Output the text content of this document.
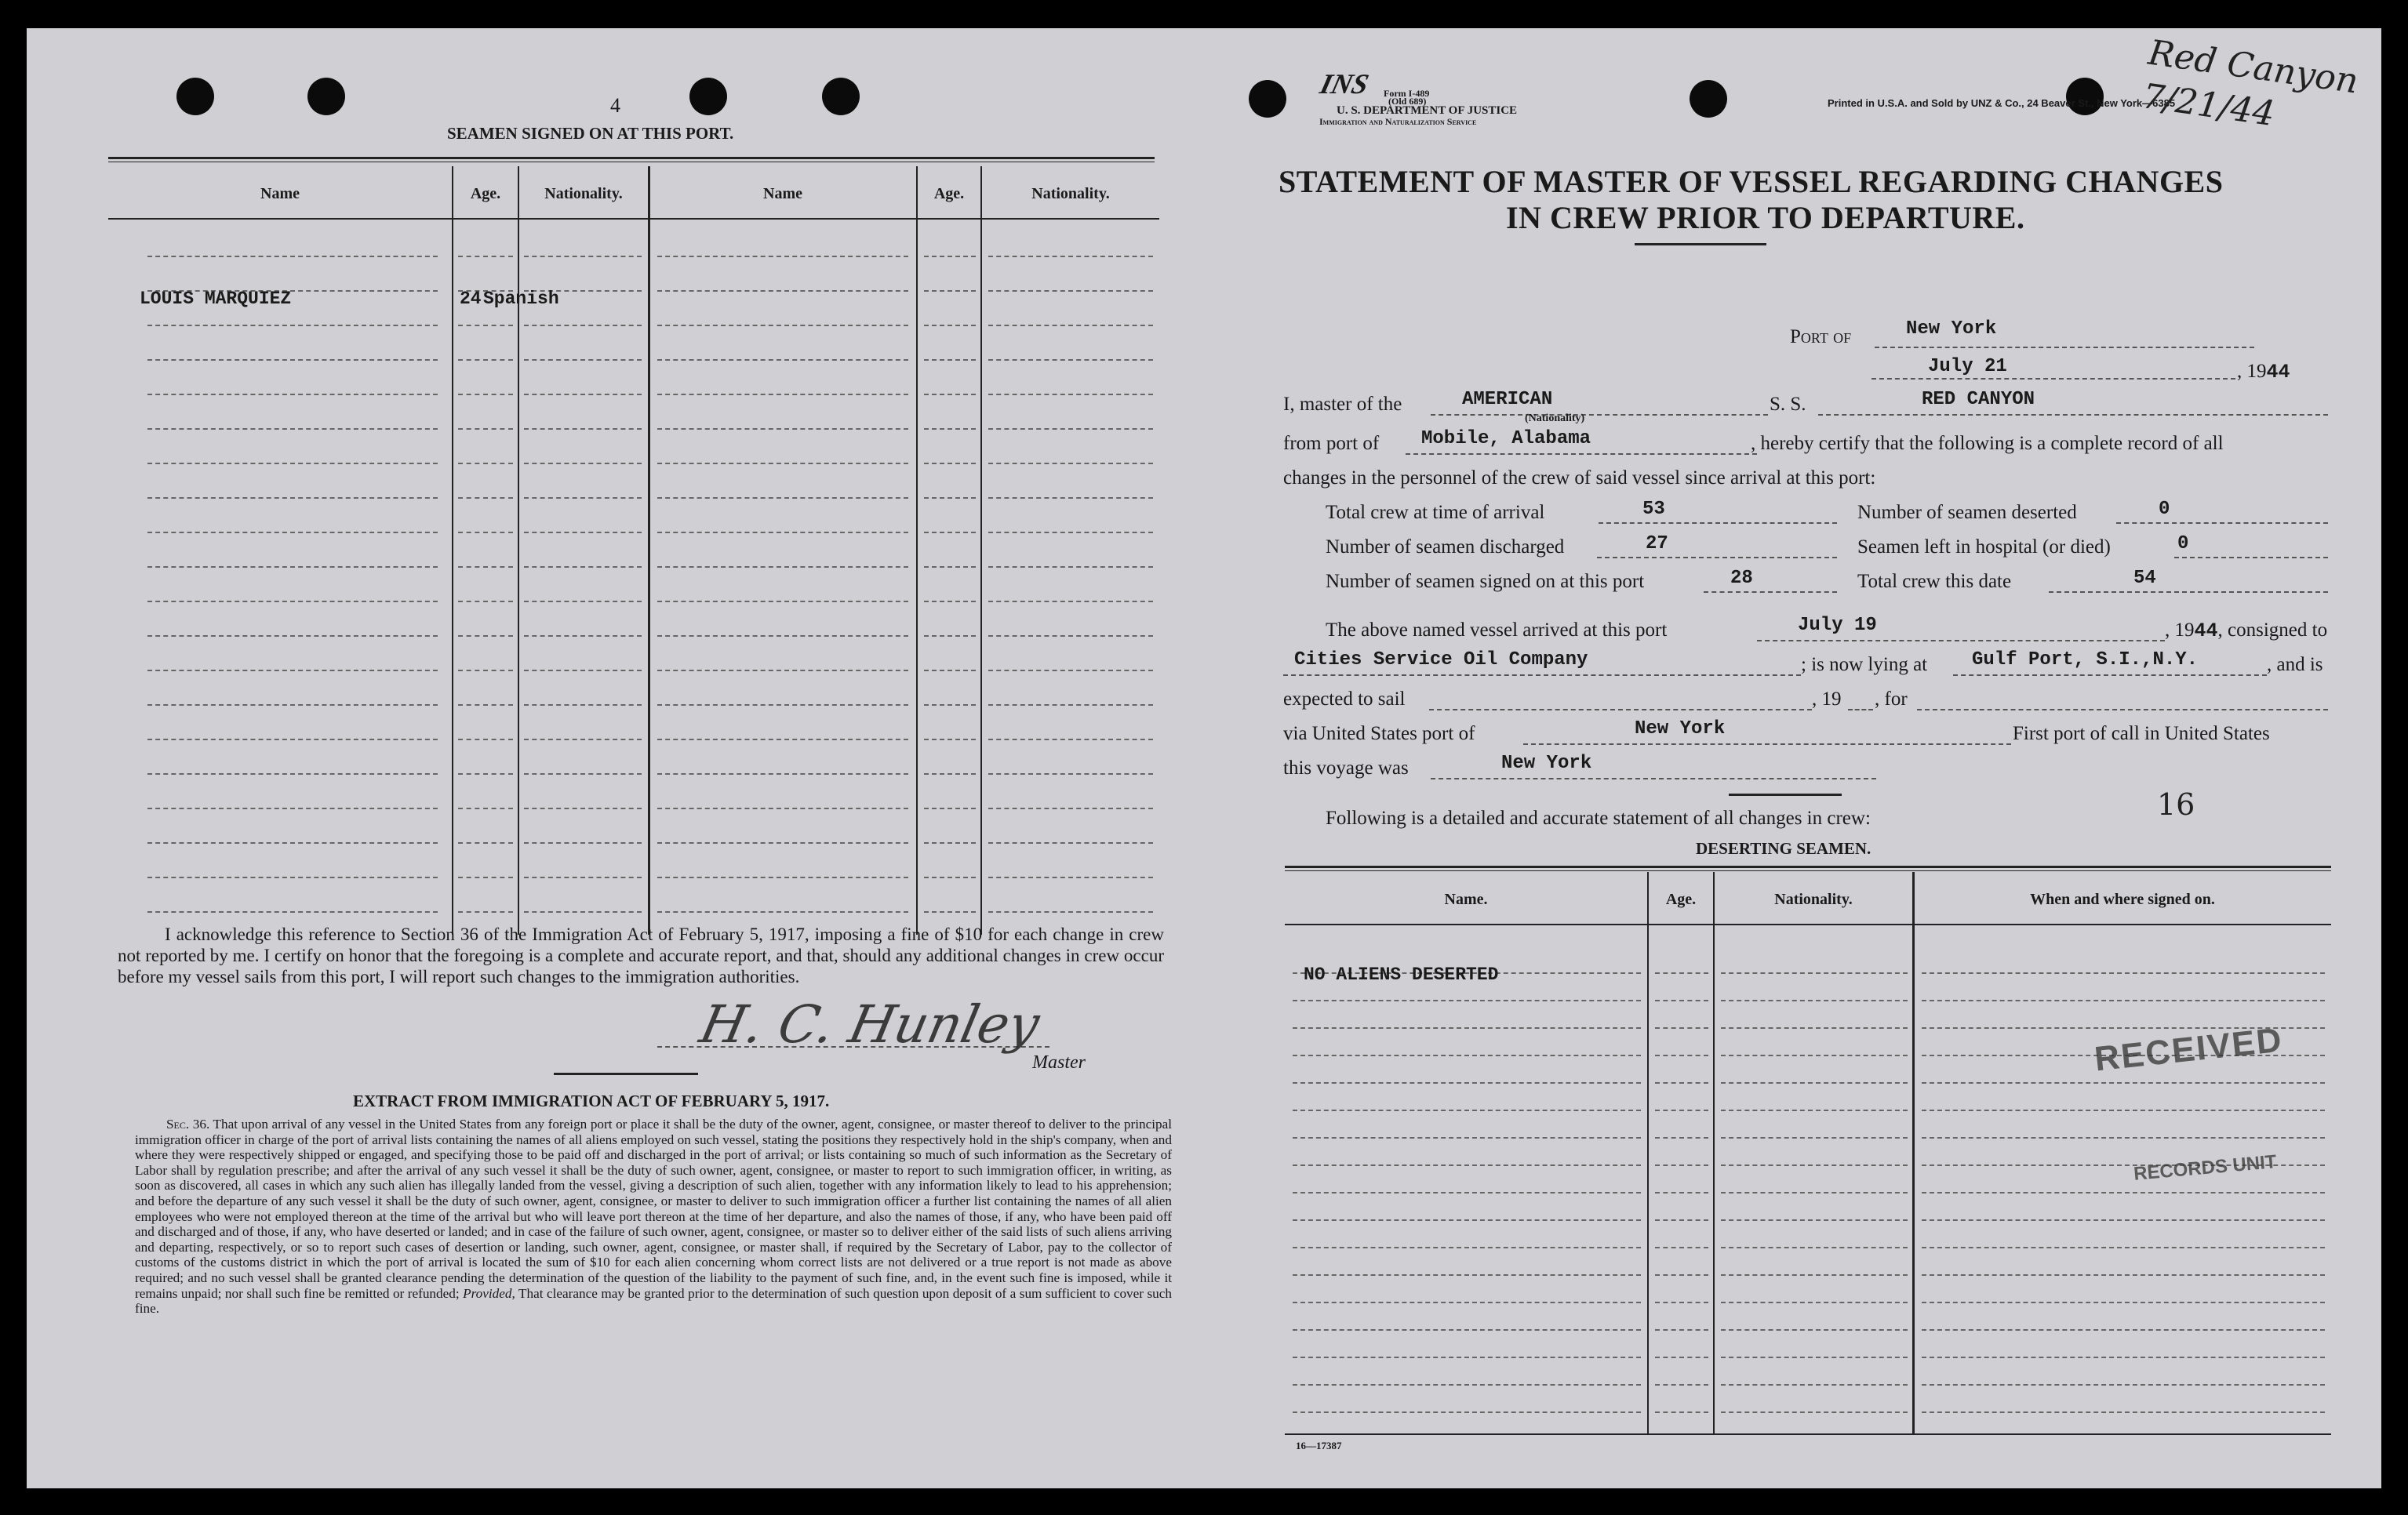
4
SEAMEN SIGNED ON AT THIS PORT.
Name	Age.	Nationality.	Name	Age.	Nationality.
LOUIS MARQUIEZ	24 Spanish
I acknowledge this reference to Section 36 of the Immigration Act of February 5, 1917, imposing a fine of $10 for each change in crew not reported by me. I certify on honor that the foregoing is a complete and accurate report, and that, should any additional changes in crew occur before my vessel sails from this port, I will report such changes to the immigration authorities.
H. C. Hunley
Master
EXTRACT FROM IMMIGRATION ACT OF FEBRUARY 5, 1917.
Sec. 36. That upon arrival of any vessel in the United States from any foreign port or place it shall be the duty of the owner, agent, consignee, or master thereof to deliver to the principal immigration officer in charge of the port of arrival lists containing the names of all aliens employed on such vessel, stating the positions they respectively hold in the ship's company, when and where they were respectively shipped or engaged, and specifying those to be paid off and discharged in the port of arrival; or lists containing so much of such information as the Secretary of Labor shall by regulation prescribe; and after the arrival of any such vessel it shall be the duty of such owner, agent, consignee, or master to report to such immigration officer, in writing, as soon as discovered, all cases in which any such alien has illegally landed from the vessel, giving a description of such alien, together with any information likely to lead to his apprehension; and before the departure of any such vessel it shall be the duty of such owner, agent, consignee, or master to deliver to such immigration officer a further list containing the names of all alien employees who were not employed thereon at the time of the arrival but who will leave port thereon at the time of her departure, and also the names of those, if any, who have been paid off and discharged and of those, if any, who have deserted or landed; and in case of the failure of such owner, agent, consignee, or master so to deliver either of the said lists of such aliens arriving and departing, respectively, or so to report such cases of desertion or landing, such owner, agent, consignee, or master shall, if required by the Secretary of Labor, pay to the collector of customs of the customs district in which the port of arrival is located the sum of $10 for each alien concerning whom correct lists are not delivered or a true report is not made as above required; and no such vessel shall be granted clearance pending the determination of the question of the liability to the payment of such fine, and, in the event such fine is imposed, while it remains unpaid; nor shall such fine be remitted or refunded; Provided, That clearance may be granted prior to the determination of such question upon deposit of a sum sufficient to cover such fine.
INS Form I-489
(Old 689)
U. S. DEPARTMENT OF JUSTICE
Immigration and Naturalization Service
Printed in U.S.A. and Sold by UNZ & Co., 24 Beaver St., New York—6385
Red Canyon 7/21/44
STATEMENT OF MASTER OF VESSEL REGARDING CHANGES
IN CREW PRIOR TO DEPARTURE.
Port of	New York
July 21	, 1944
I, master of the	AMERICAN
(Nationality)
S. S.	RED CANYON
from port of Mobile, Alabama	, hereby certify that the following is a complete record of all
changes in the personnel of the crew of said vessel since arrival at this port:
Total crew at time of arrival	53	Number of seamen deserted	0
Number of seamen discharged	27	Seamen left in hospital (or died)	0
Number of seamen signed on at this port	28	Total crew this date	54
The above named vessel arrived at this port	July 19	, 1944, consigned to
Cities Service Oil Company	; is now lying at Gulf Port, S.I.,N.Y.	, and is
expected to sail	, 19 , for
via United States port of	New York	First port of call in United States
this voyage was	New York
Following is a detailed and accurate statement of all changes in crew:	16
DESERTING SEAMEN.
Name.	Age.	Nationality.	When and where signed on.
NO ALIENS DESERTED
RECEIVED
RECORDS UNIT
16—17387
